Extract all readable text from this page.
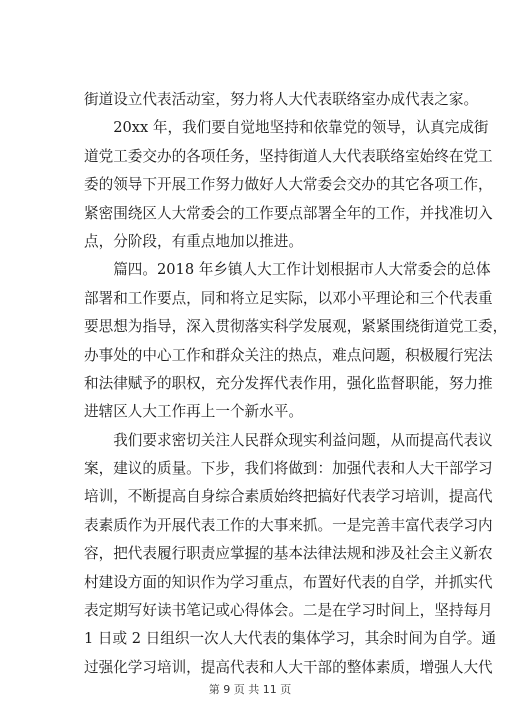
街道设立代表活动室，努力将人大代表联络室办成代表之家。
　　20xx 年，我们要自觉地坚持和依靠党的领导，认真完成街
道党工委交办的各项任务，坚持街道人大代表联络室始终在党工
委的领导下开展工作努力做好人大常委会交办的其它各项工作，
紧密围绕区人大常委会的工作要点部署全年的工作，并找准切入
点，分阶段，有重点地加以推进。
　　篇四。2018 年乡镇人大工作计划根据市人大常委会的总体
部署和工作要点，同和将立足实际，以邓小平理论和三个代表重
要思想为指导，深入贯彻落实科学发展观，紧紧围绕街道党工委，
办事处的中心工作和群众关注的热点，难点问题，积极履行宪法
和法律赋予的职权，充分发挥代表作用，强化监督职能，努力推
进辖区人大工作再上一个新水平。
　　我们要求密切关注人民群众现实利益问题，从而提高代表议
案，建议的质量。下步，我们将做到：加强代表和人大干部学习
培训，不断提高自身综合素质始终把搞好代表学习培训，提高代
表素质作为开展代表工作的大事来抓。一是完善丰富代表学习内
容，把代表履行职责应掌握的基本法律法规和涉及社会主义新农
村建设方面的知识作为学习重点，布置好代表的自学，并抓实代
表定期写好读书笔记或心得体会。二是在学习时间上，坚持每月
1 日或 2 日组织一次人大代表的集体学习，其余时间为自学。通
过强化学习培训，提高代表和人大干部的整体素质，增强人大代
第 9 页 共 11 页
